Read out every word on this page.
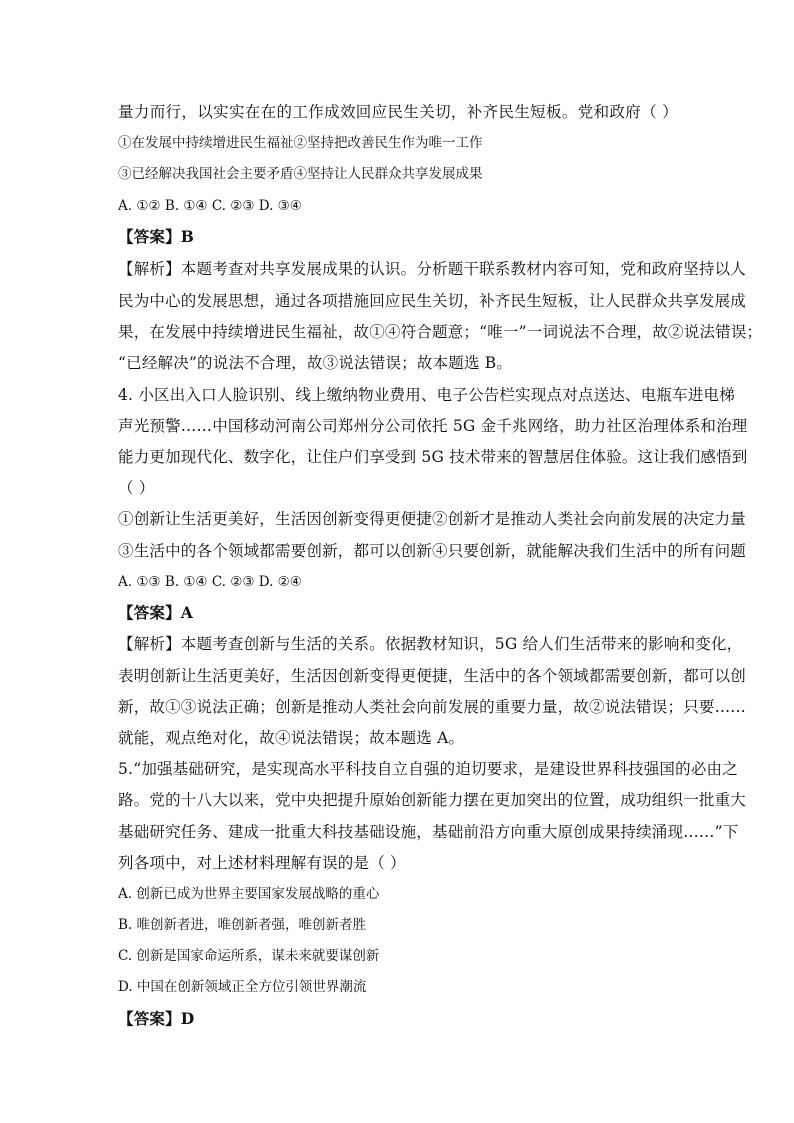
量力而行，以实实在在的工作成效回应民生关切，补齐民生短板。党和政府（ ）
①在发展中持续增进民生福祉②坚持把改善民生作为唯一工作
③已经解决我国社会主要矛盾④坚持让人民群众共享发展成果
A. ①② B. ①④ C. ②③ D. ③④
【答案】B
【解析】本题考查对共享发展成果的认识。分析题干联系教材内容可知，党和政府坚持以人
民为中心的发展思想，通过各项措施回应民生关切，补齐民生短板，让人民群众共享发展成
果，在发展中持续增进民生福祉，故①④符合题意；“唯一”一词说法不合理，故②说法错误；
“已经解决”的说法不合理，故③说法错误；故本题选 B。
4. 小区出入口人脸识别、线上缴纳物业费用、电子公告栏实现点对点送达、电瓶车进电梯
声光预警……中国移动河南公司郑州分公司依托 5G 金千兆网络，助力社区治理体系和治理
能力更加现代化、数字化，让住户们享受到 5G 技术带来的智慧居住体验。这让我们感悟到
（ ）
①创新让生活更美好，生活因创新变得更便捷②创新才是推动人类社会向前发展的决定力量
③生活中的各个领域都需要创新，都可以创新④只要创新，就能解决我们生活中的所有问题
A. ①③ B. ①④ C. ②③ D. ②④
【答案】A
【解析】本题考查创新与生活的关系。依据教材知识，5G 给人们生活带来的影响和变化，
表明创新让生活更美好，生活因创新变得更便捷，生活中的各个领域都需要创新，都可以创
新，故①③说法正确；创新是推动人类社会向前发展的重要力量，故②说法错误；只要……
就能，观点绝对化，故④说法错误；故本题选 A。
5.“加强基础研究，是实现高水平科技自立自强的迫切要求，是建设世界科技强国的必由之
路。党的十八大以来，党中央把提升原始创新能力摆在更加突出的位置，成功组织一批重大
基础研究任务、建成一批重大科技基础设施，基础前沿方向重大原创成果持续涌现……”下
列各项中，对上述材料理解有误的是（ ）
A. 创新已成为世界主要国家发展战略的重心
B. 唯创新者进，唯创新者强，唯创新者胜
C. 创新是国家命运所系，谋未来就要谋创新
D. 中国在创新领域正全方位引领世界潮流
【答案】D
